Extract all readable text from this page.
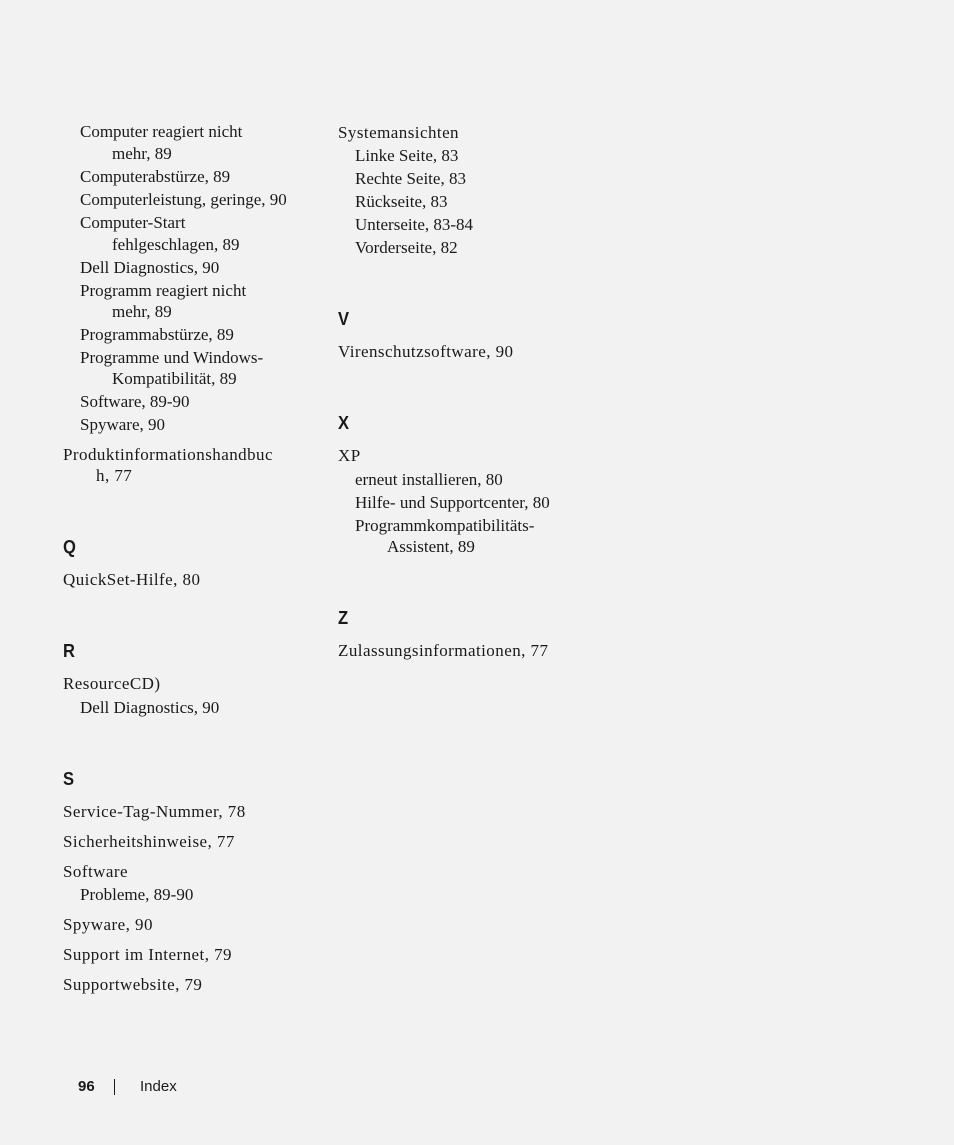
Computer reagiert nicht
mehr, 89
Computerabstürze, 89
Computerleistung, geringe, 90
Computer-Start
fehlgeschlagen, 89
Dell Diagnostics, 90
Programm reagiert nicht
mehr, 89
Programmabstürze, 89
Programme und Windows-
Kompatibilität, 89
Software, 89-90
Spyware, 90
Produktinformationshandbuc
h, 77
Q
QuickSet-Hilfe, 80
R
ResourceCD)
Dell Diagnostics, 90
S
Service-Tag-Nummer, 78
Sicherheitshinweise, 77
Software
Probleme, 89-90
Spyware, 90
Support im Internet, 79
Supportwebsite, 79
Systemansichten
Linke Seite, 83
Rechte Seite, 83
Rückseite, 83
Unterseite, 83-84
Vorderseite, 82
V
Virenschutzsoftware, 90
X
XP
erneut installieren, 80
Hilfe- und Supportcenter, 80
Programmkompatibilitäts-
Assistent, 89
Z
Zulassungsinformationen, 77
96	Index
